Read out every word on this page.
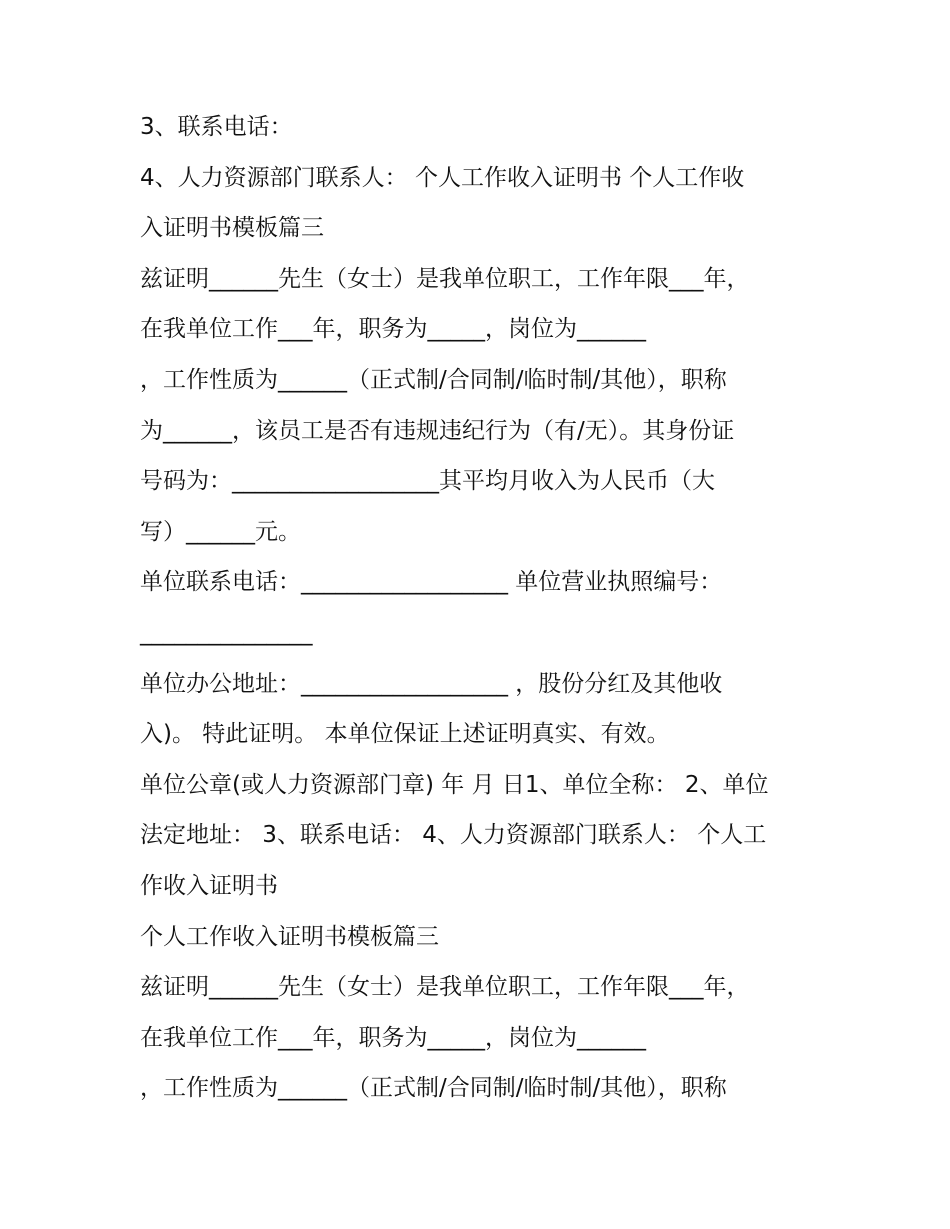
3、联系电话：
4、人力资源部门联系人： 个人工作收入证明书 个人工作收
入证明书模板篇三
兹证明______先生（女士）是我单位职工，工作年限___年，
在我单位工作___年，职务为_____，岗位为______
，工作性质为______（正式制/合同制/临时制/其他），职称
为______，该员工是否有违规违纪行为（有/无）。其身份证
号码为：__________________其平均月收入为人民币（大
写）______元。
单位联系电话：__________________ 单位营业执照编号：
_______________
单位办公地址：__________________ ，股份分红及其他收
入)。 特此证明。 本单位保证上述证明真实、有效。
单位公章(或人力资源部门章) 年 月 日1、单位全称： 2、单位
法定地址： 3、联系电话： 4、人力资源部门联系人： 个人工
作收入证明书
个人工作收入证明书模板篇三
兹证明______先生（女士）是我单位职工，工作年限___年，
在我单位工作___年，职务为_____，岗位为______
，工作性质为______（正式制/合同制/临时制/其他），职称
